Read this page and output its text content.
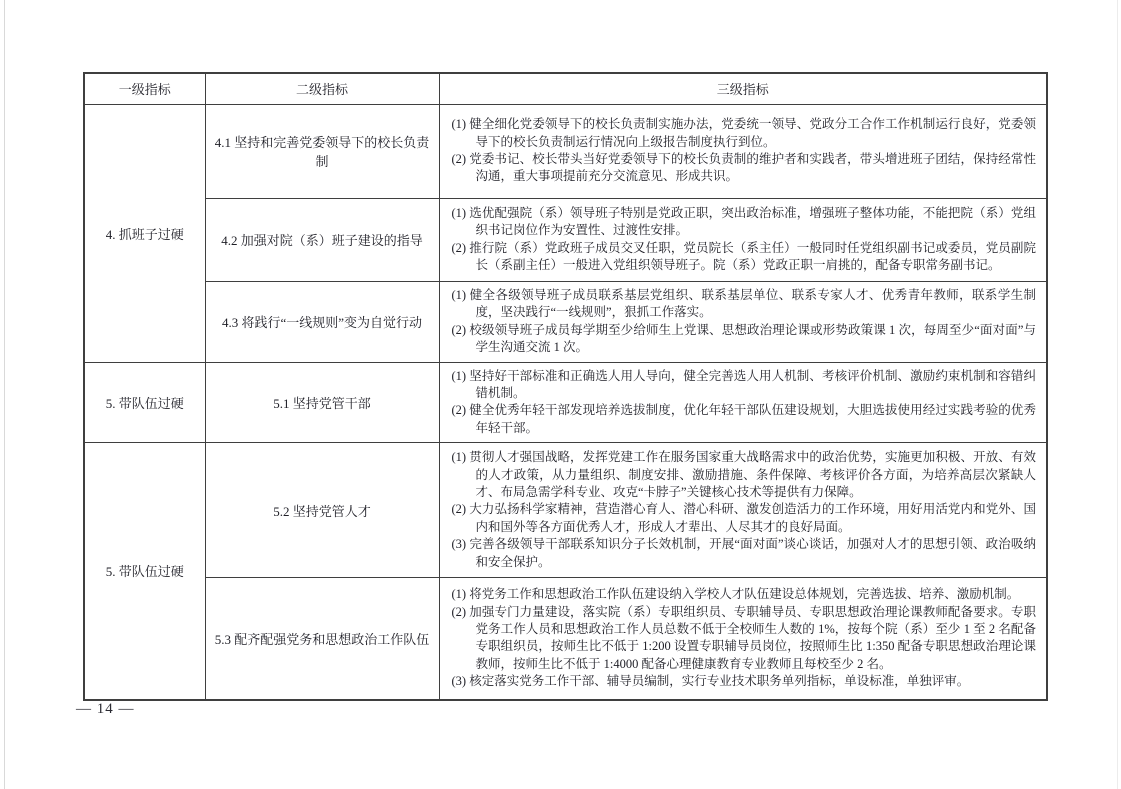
一级指标	二级指标	三级指标
4. 抓班子过硬	4.1 坚持和完善党委领导下的校长负责制	(1) 健全细化党委领导下的校长负责制实施办法，党委统一领导、党政分工合作工作机制运行良好，党委领导下的校长负责制运行情况向上级报告制度执行到位。
(2) 党委书记、校长带头当好党委领导下的校长负责制的维护者和实践者，带头增进班子团结，保持经常性沟通，重大事项提前充分交流意见、形成共识。

	4.2 加强对院（系）班子建设的指导	(1) 选优配强院（系）领导班子特别是党政正职，突出政治标准，增强班子整体功能，不能把院（系）党组织书记岗位作为安置性、过渡性安排。
(2) 推行院（系）党政班子成员交叉任职，党员院长（系主任）一般同时任党组织副书记或委员，党员副院长（系副主任）一般进入党组织领导班子。院（系）党政正职一肩挑的，配备专职常务副书记。

	4.3 将践行“一线规则”变为自觉行动	(1) 健全各级领导班子成员联系基层党组织、联系基层单位、联系专家人才、优秀青年教师，联系学生制度，坚决践行“一线规则”，狠抓工作落实。
(2) 校级领导班子成员每学期至少给师生上党课、思想政治理论课或形势政策课 1 次，每周至少“面对面”与学生沟通交流 1 次。

5. 带队伍过硬	5.1 坚持党管干部	(1) 坚持好干部标准和正确选人用人导向，健全完善选人用人机制、考核评价机制、激励约束机制和容错纠错机制。
(2) 健全优秀年轻干部发现培养选拔制度，优化年轻干部队伍建设规划，大胆选拔使用经过实践考验的优秀年轻干部。

5. 带队伍过硬	5.2 坚持党管人才	(1) 贯彻人才强国战略，发挥党建工作在服务国家重大战略需求中的政治优势，实施更加积极、开放、有效的人才政策，从力量组织、制度安排、激励措施、条件保障、考核评价各方面，为培养高层次紧缺人才、布局急需学科专业、攻克“卡脖子”关键核心技术等提供有力保障。
(2) 大力弘扬科学家精神，营造潜心育人、潜心科研、激发创造活力的工作环境，用好用活党内和党外、国内和国外等各方面优秀人才，形成人才辈出、人尽其才的良好局面。
(3) 完善各级领导干部联系知识分子长效机制，开展“面对面”谈心谈话，加强对人才的思想引领、政治吸纳和安全保护。

	5.3 配齐配强党务和思想政治工作队伍	(1) 将党务工作和思想政治工作队伍建设纳入学校人才队伍建设总体规划，完善选拔、培养、激励机制。
(2) 加强专门力量建设，落实院（系）专职组织员、专职辅导员、专职思想政治理论课教师配备要求。专职党务工作人员和思想政治工作人员总数不低于全校师生人数的 1%，按每个院（系）至少 1 至 2 名配备专职组织员，按师生比不低于 1:200 设置专职辅导员岗位，按照师生比 1:350 配备专职思想政治理论课教师，按师生比不低于 1:4000 配备心理健康教育专业教师且每校至少 2 名。
(3) 核定落实党务工作干部、辅导员编制，实行专业技术职务单列指标，单设标准，单独评审。
— 14 —
